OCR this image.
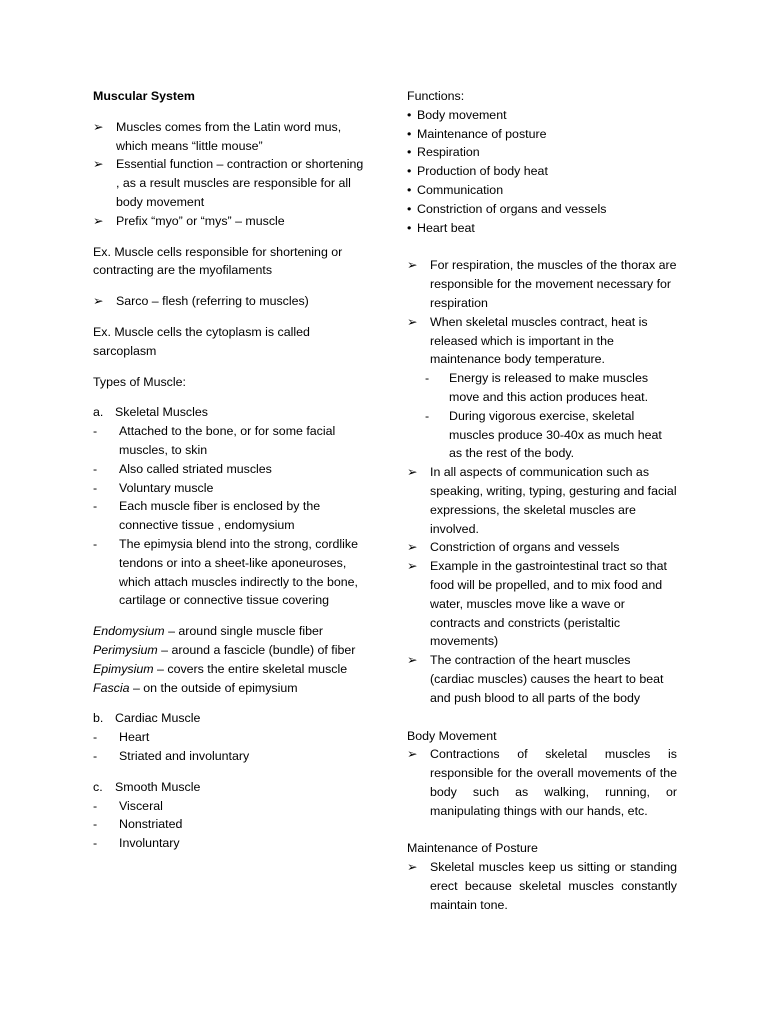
Muscular System

➢	Muscles comes from the Latin word mus, which means “little mouse”
➢	Essential function – contraction or shortening , as a result muscles are responsible for all body movement
➢	Prefix “myo” or “mys” – muscle

Ex. Muscle cells responsible for shortening or contracting are the myofilaments

➢	Sarco – flesh (referring to muscles)

Ex. Muscle cells the cytoplasm is called sarcoplasm

Types of Muscle:

a. Skeletal Muscles
- Attached to the bone, or for some facial muscles, to skin
- Also called striated muscles
- Voluntary muscle
- Each muscle fiber is enclosed by the connective tissue , endomysium
- The epimysia blend into the strong, cordlike tendons or into a sheet-like aponeuroses, which attach muscles indirectly to the bone, cartilage or connective tissue covering

Endomysium – around single muscle fiber

Perimysium – around a fascicle (bundle) of fiber

Epimysium – covers the entire skeletal muscle

Fascia – on the outside of epimysium

b. Cardiac Muscle
- Heart
- Striated and involuntary
c. Smooth Muscle
- Visceral
- Nonstriated
- Involuntary

Functions:

• Body movement
• Maintenance of posture
• Respiration
• Production of body heat
• Communication
• Constriction of organs and vessels
• Heart beat
➢	For respiration, the muscles of the thorax are responsible for the movement necessary for respiration
➢	When skeletal muscles contract, heat is released which is important in the maintenance body temperature.
- Energy is released to make muscles move and this action produces heat.
- During vigorous exercise, skeletal muscles produce 30-40x as much heat as the rest of the body.
➢	In all aspects of communication such as speaking, writing, typing, gesturing and facial expressions, the skeletal muscles are involved.
➢	Constriction of organs and vessels
➢	Example in the gastrointestinal tract so that food will be propelled, and to mix food and water, muscles move like a wave or contracts and constricts (peristaltic movements)
➢	The contraction of the heart muscles (cardiac muscles) causes the heart to beat and push blood to all parts of the body

Body Movement

➢	Contractions of skeletal muscles is responsible for the overall movements of the body such as walking, running, or manipulating things with our hands, etc.

Maintenance of Posture

➢	Skeletal muscles keep us sitting or standing erect because skeletal muscles constantly maintain tone.
